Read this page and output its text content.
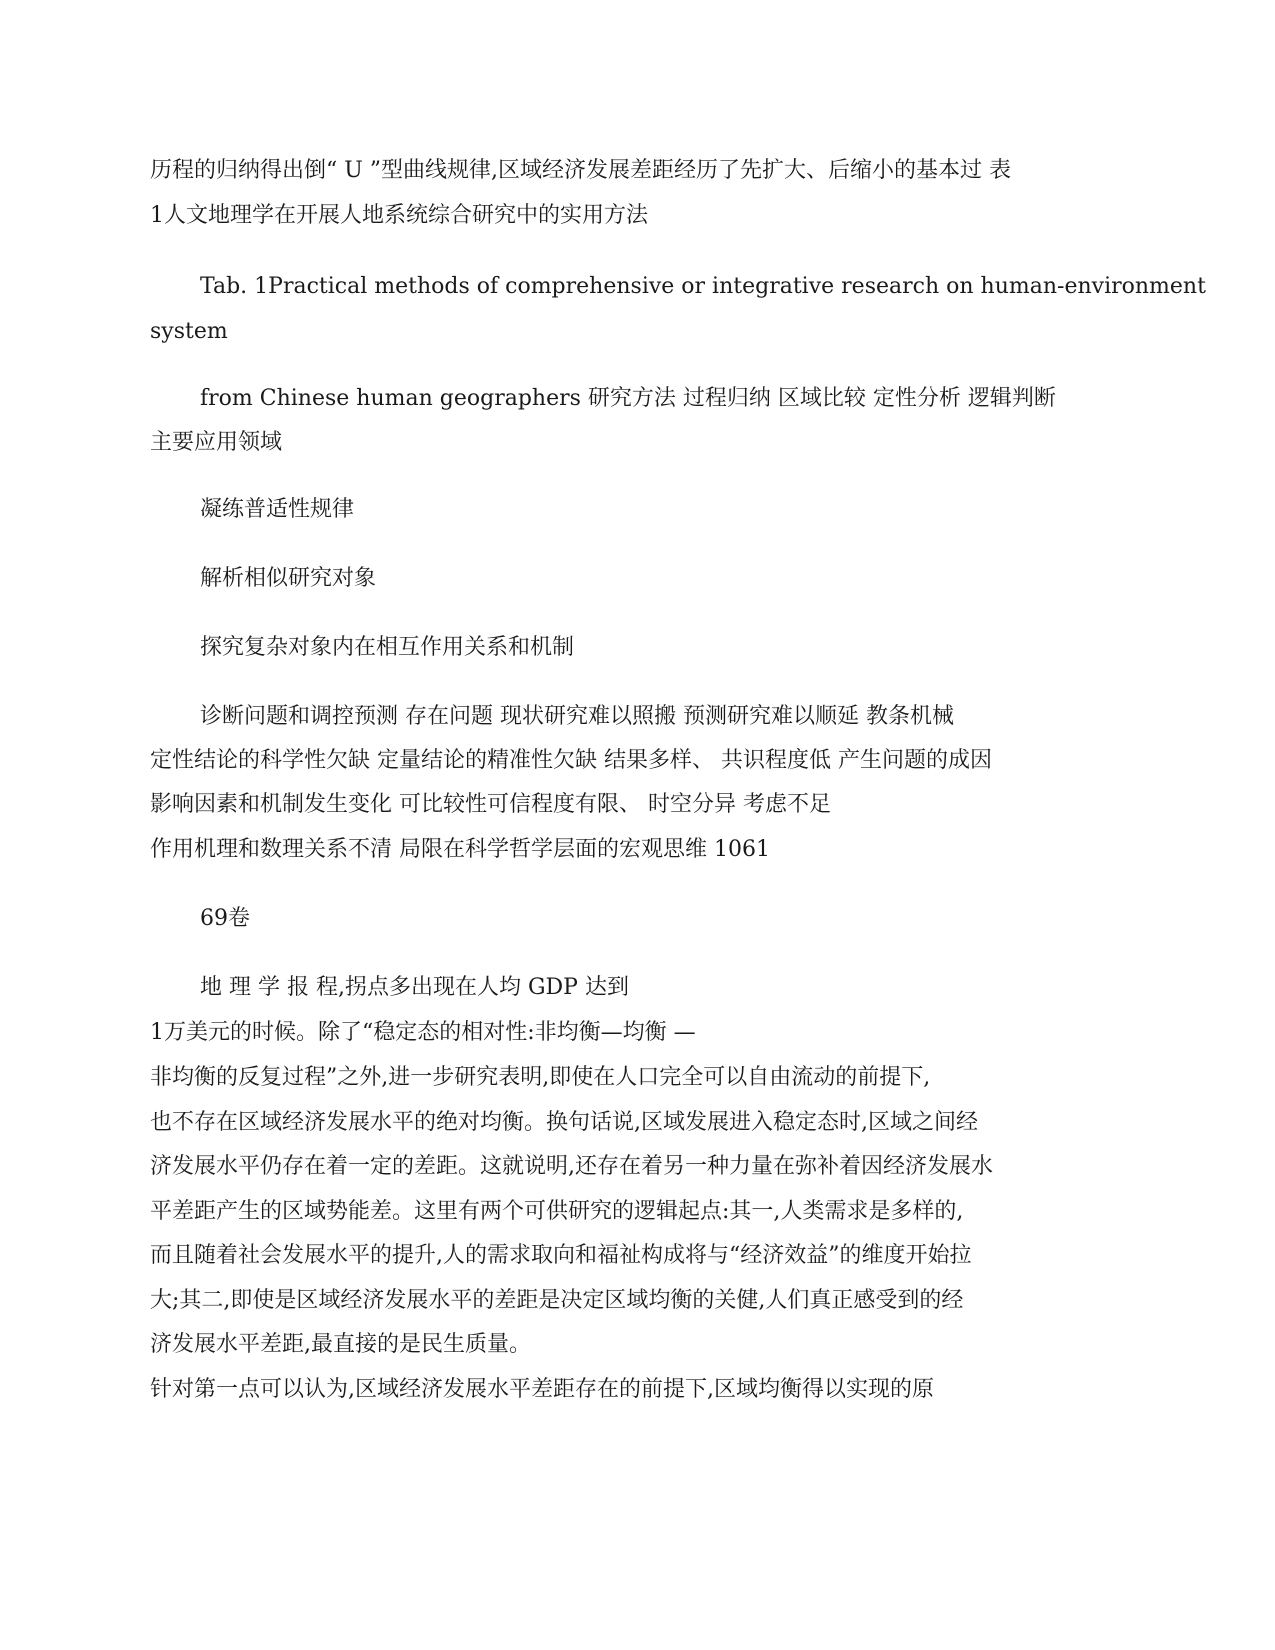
历程的归纳得出倒“ U ”型曲线规律,区域经济发展差距经历了先扩大、后缩小的基本过 表
1人文地理学在开展人地系统综合研究中的实用方法
Tab. 1Practical methods of comprehensive or integrative research on human-environment
system
from Chinese human geographers 研究方法 过程归纳 区域比较 定性分析 逻辑判断
主要应用领域
凝练普适性规律
解析相似研究对象
探究复杂对象内在相互作用关系和机制
诊断问题和调控预测 存在问题 现状研究难以照搬 预测研究难以顺延 教条机械
定性结论的科学性欠缺 定量结论的精准性欠缺 结果多样、 共识程度低 产生问题的成因
影响因素和机制发生变化 可比较性可信程度有限、 时空分异 考虑不足
作用机理和数理关系不清 局限在科学哲学层面的宏观思维 1061
69卷
地 理 学 报 程,拐点多出现在人均 GDP 达到
1万美元的时候。除了“稳定态的相对性:非均衡—均衡 —
非均衡的反复过程”之外,进一步研究表明,即使在人口完全可以自由流动的前提下,
也不存在区域经济发展水平的绝对均衡。换句话说,区域发展进入稳定态时,区域之间经
济发展水平仍存在着一定的差距。这就说明,还存在着另一种力量在弥补着因经济发展水
平差距产生的区域势能差。这里有两个可供研究的逻辑起点:其一,人类需求是多样的,
而且随着社会发展水平的提升,人的需求取向和福祉构成将与“经济效益”的维度开始拉
大;其二,即使是区域经济发展水平的差距是决定区域均衡的关健,人们真正感受到的经
济发展水平差距,最直接的是民生质量。
针对第一点可以认为,区域经济发展水平差距存在的前提下,区域均衡得以实现的原
